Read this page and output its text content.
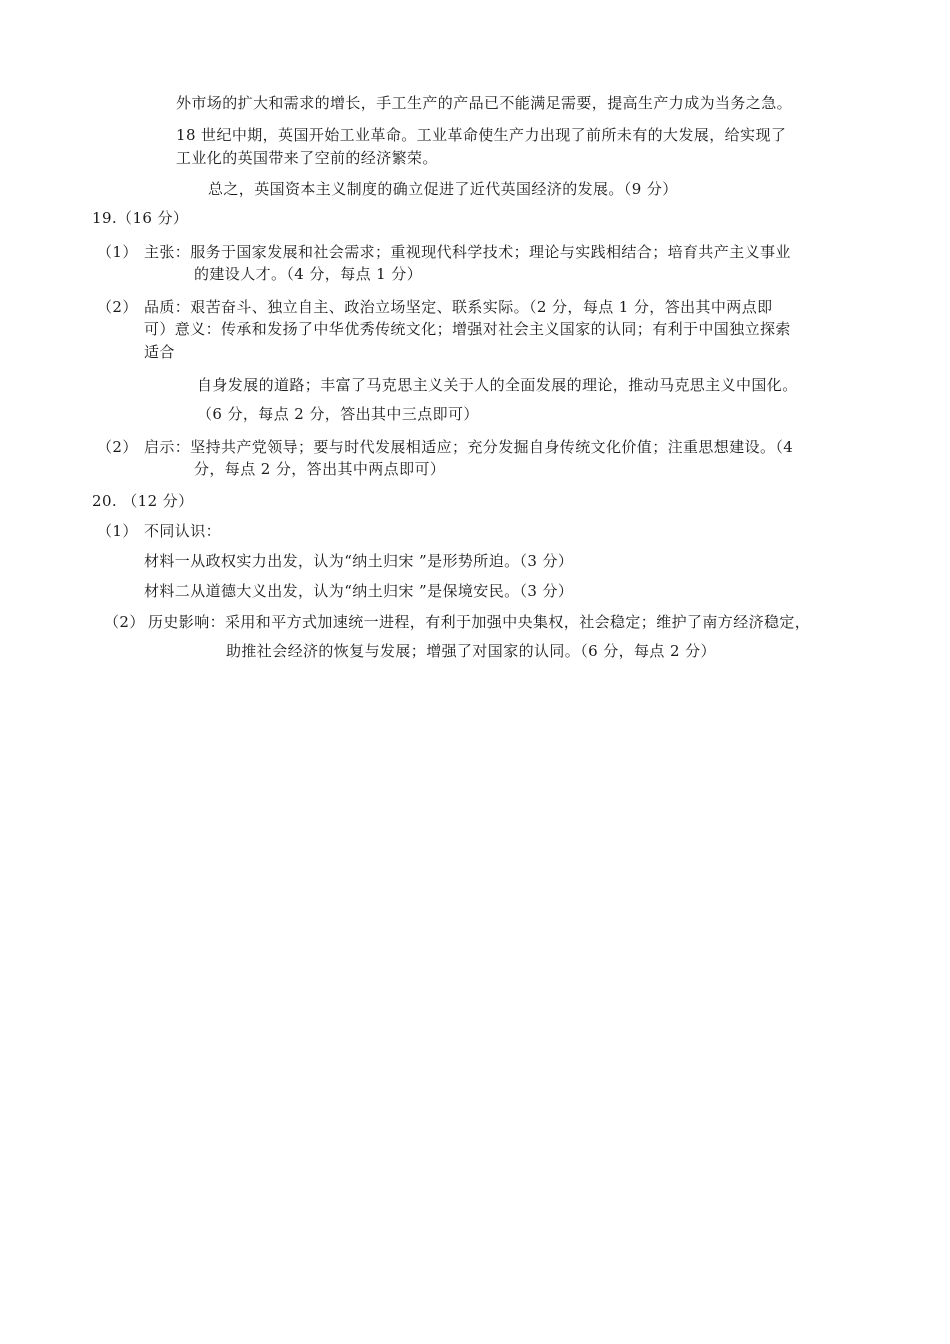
外市场的扩大和需求的增长，手工生产的产品已不能满足需要，提高生产力成为当务之急。
18 世纪中期，英国开始工业革命。工业革命使生产力出现了前所未有的大发展，给实现了
工业化的英国带来了空前的经济繁荣。
总之，英国资本主义制度的确立促进了近代英国经济的发展。（9 分）
19.（16 分）
（1） 主张：服务于国家发展和社会需求；重视现代科学技术；理论与实践相结合；培育共产主义事业
的建设人才。（4 分，每点 1 分）
（2） 品质：艰苦奋斗、独立自主、政治立场坚定、联系实际。（2 分，每点 1 分，答出其中两点即
可）意义：传承和发扬了中华优秀传统文化；增强对社会主义国家的认同；有利于中国独立探索
适合
自身发展的道路；丰富了马克思主义关于人的全面发展的理论，推动马克思主义中国化。
（6 分，每点 2 分，答出其中三点即可）
（2） 启示：坚持共产党领导；要与时代发展相适应；充分发掘自身传统文化价值；注重思想建设。（4
分，每点 2 分，答出其中两点即可）
20. （12 分）
（1） 不同认识：
材料一从政权实力出发，认为“纳土归宋 ”是形势所迫。（3 分）
材料二从道德大义出发，认为“纳土归宋 ”是保境安民。（3 分）
（2） 历史影响：采用和平方式加速统一进程，有利于加强中央集权，社会稳定；维护了南方经济稳定，
助推社会经济的恢复与发展；增强了对国家的认同。（6 分，每点 2 分）
